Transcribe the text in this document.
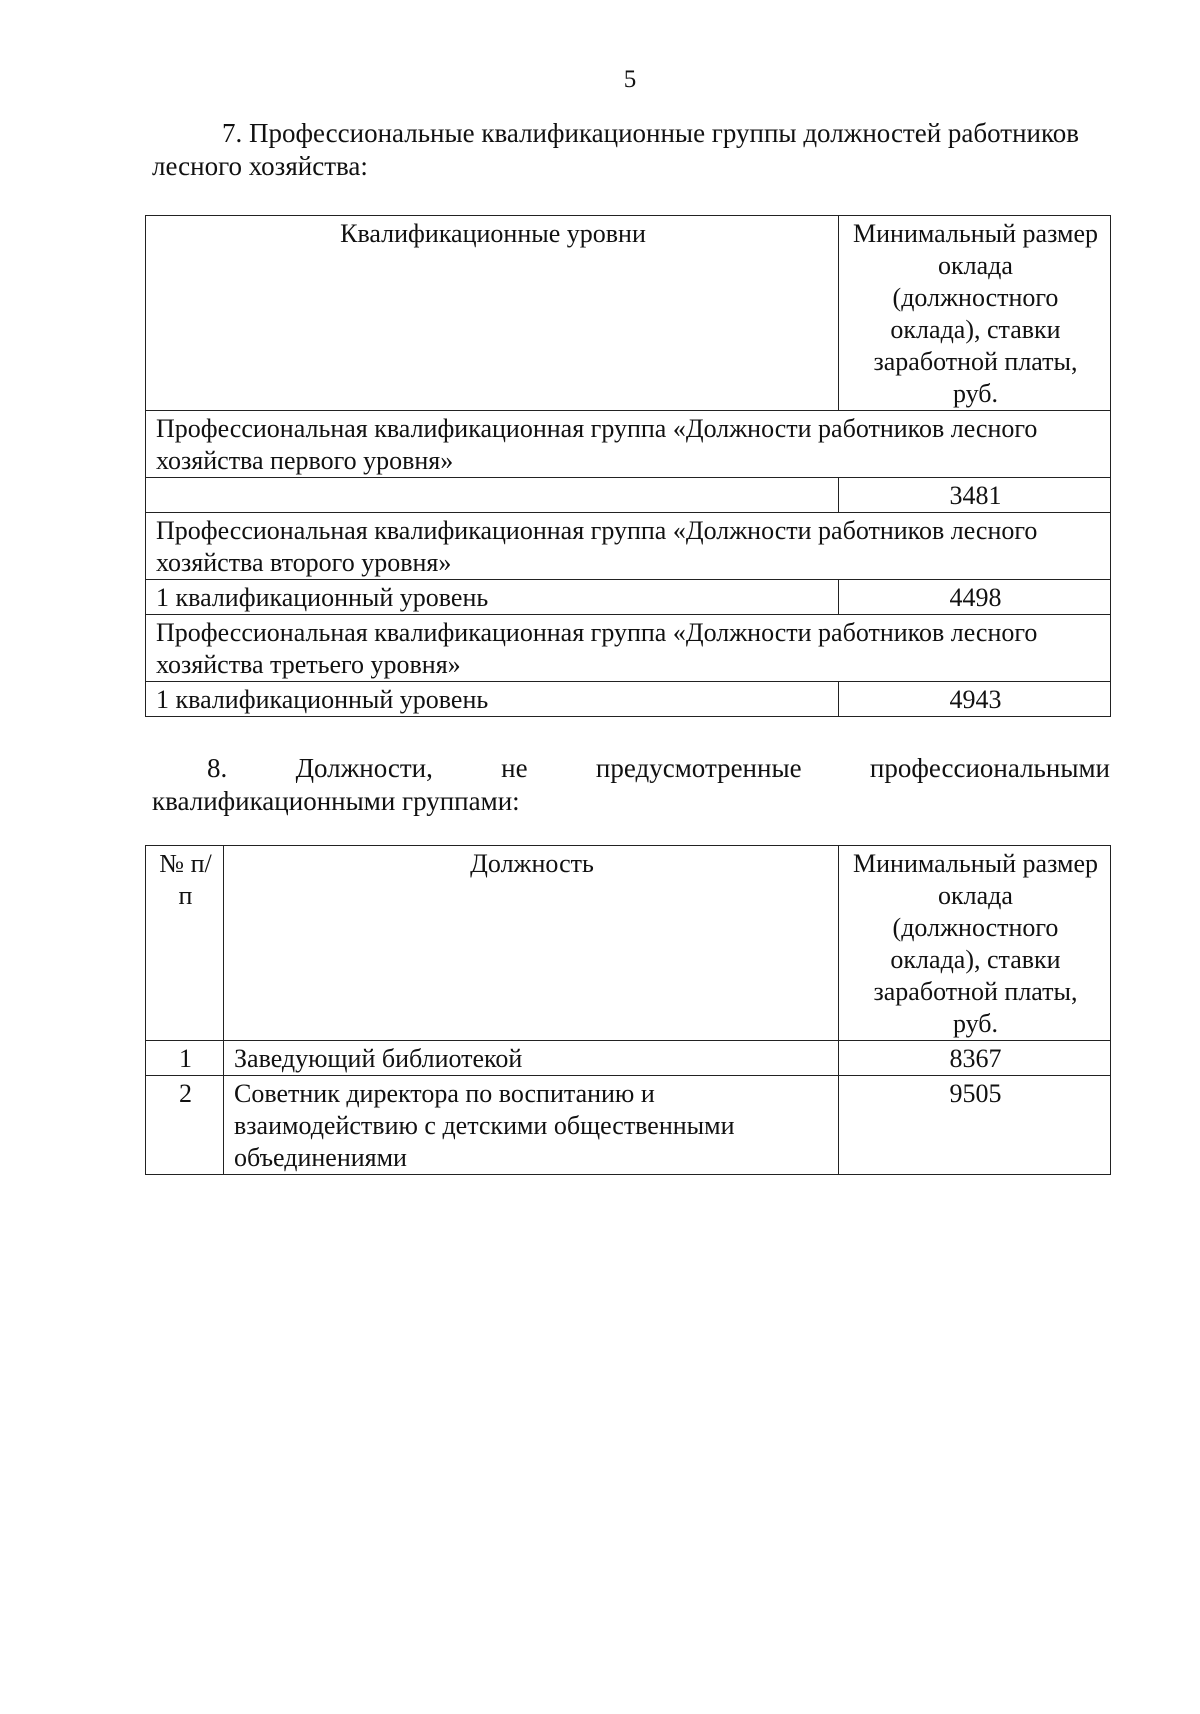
5

7. Профессиональные квалификационные группы должностей работников лесного хозяйства:

Квалификационные уровни	Минимальный размер оклада (должностного оклада), ставки заработной платы, руб.

Профессиональная квалификационная группа «Должности работников лесного хозяйства первого уровня»	
	3481
Профессиональная квалификационная группа «Должности работников лесного хозяйства второго уровня»	
1 квалификационный уровень	4498
Профессиональная квалификационная группа «Должности работников лесного хозяйства третьего уровня»	
1 квалификационный уровень	4943

8. Должности, не предусмотренные профессиональными квалификационными группами:

№ п/п	Должность	Минимальный размер оклада (должностного оклада), ставки заработной платы, руб.

1	Заведующий библиотекой	8367
2	Советник директора по воспитанию и взаимодействию с детскими общественными объединениями	9505
